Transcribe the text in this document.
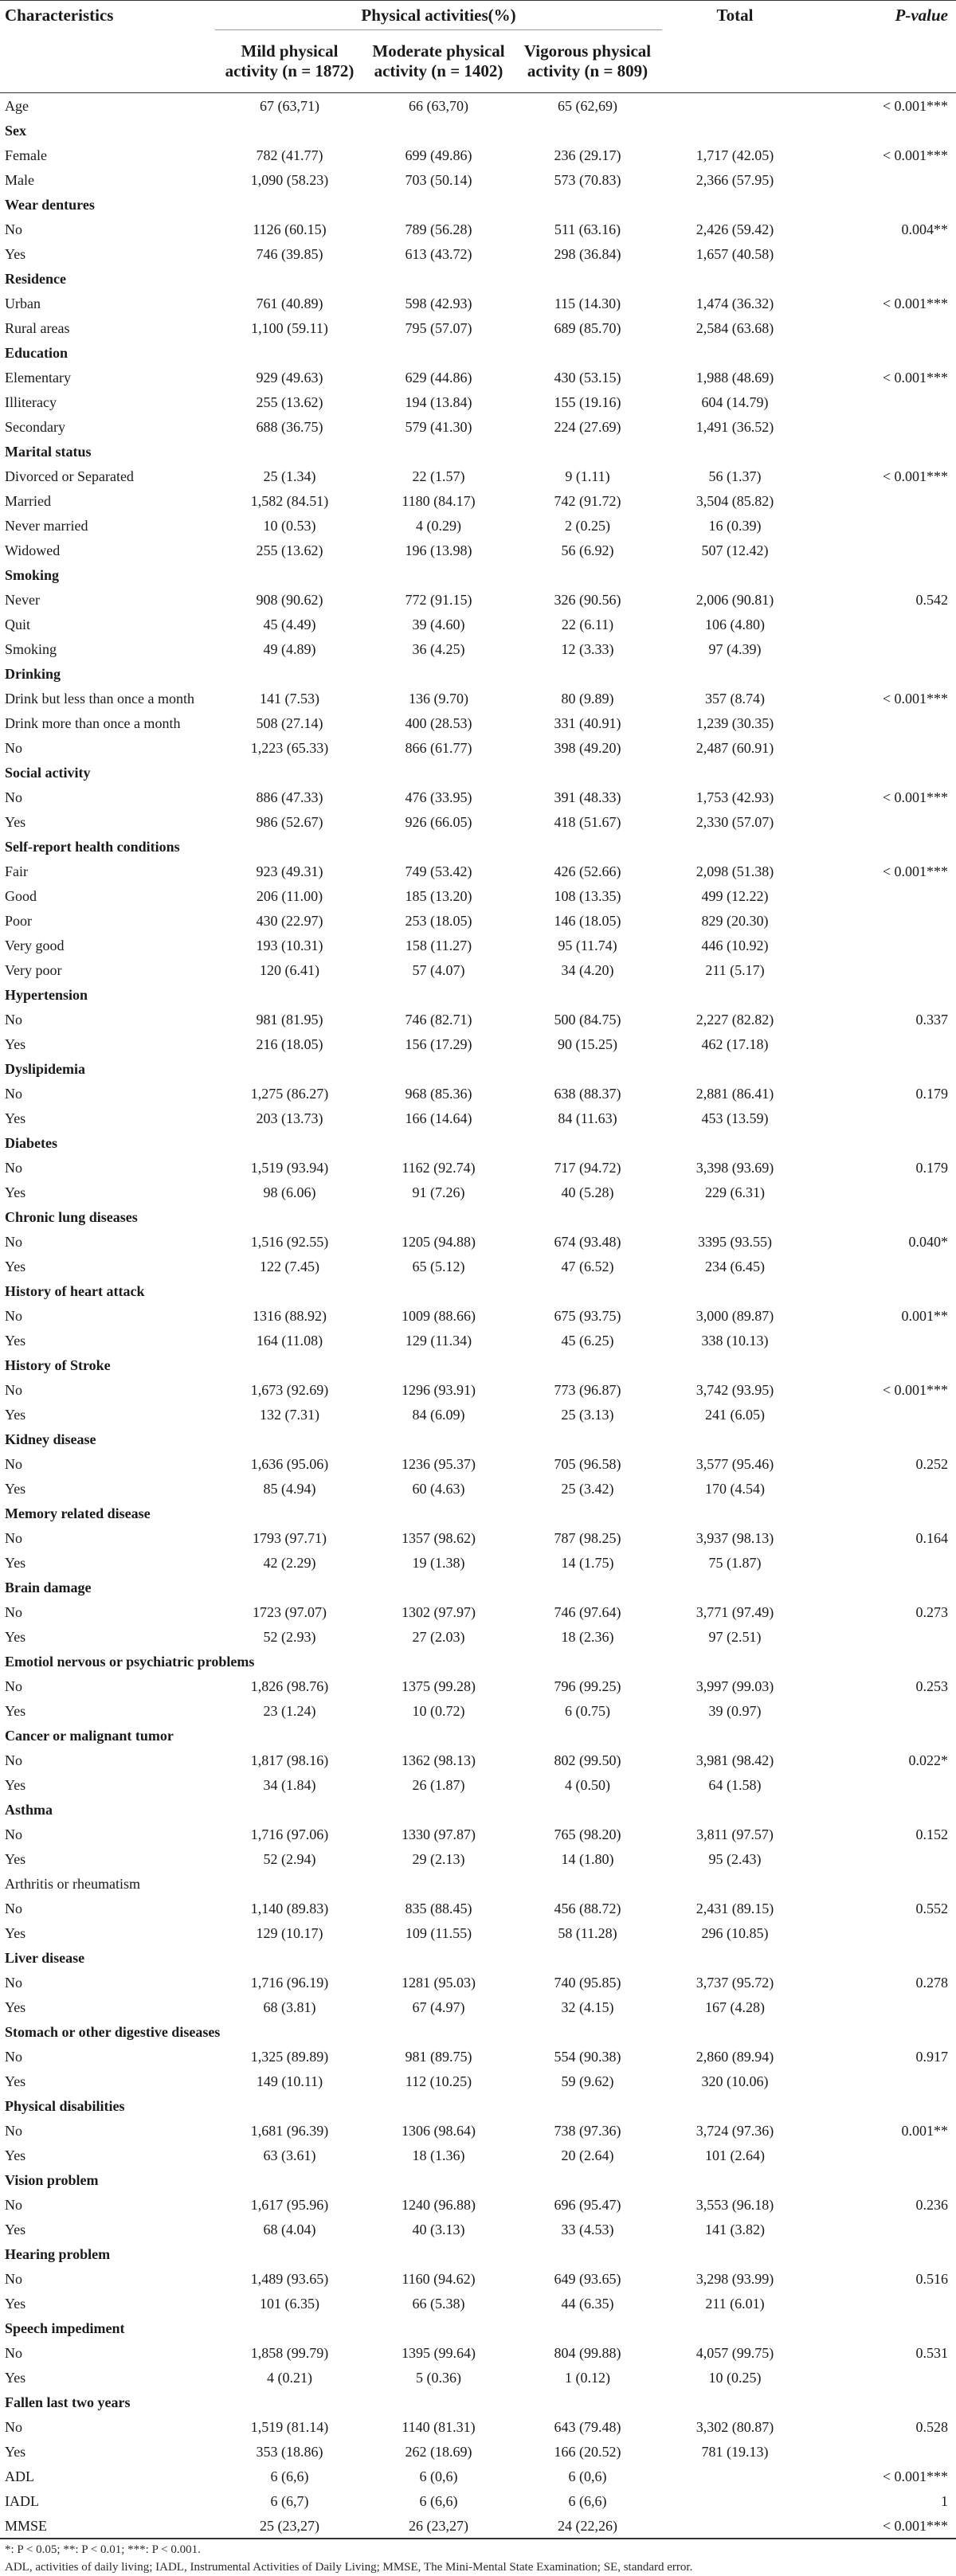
Characteristics	Physical activities(%)			Total	P-value
	Mild physical activity (n = 1872)	Moderate physical activity (n = 1402)	Vigorous physical activity (n = 809)		
Age	67 (63,71)	66 (63,70)	65 (62,69)		< 0.001***
Sex					
Female	782 (41.77)	699 (49.86)	236 (29.17)	1,717 (42.05)	< 0.001***
Male	1,090 (58.23)	703 (50.14)	573 (70.83)	2,366 (57.95)	
Wear dentures					
No	1126 (60.15)	789 (56.28)	511 (63.16)	2,426 (59.42)	0.004**
Yes	746 (39.85)	613 (43.72)	298 (36.84)	1,657 (40.58)	
Residence					
Urban	761 (40.89)	598 (42.93)	115 (14.30)	1,474 (36.32)	< 0.001***
Rural areas	1,100 (59.11)	795 (57.07)	689 (85.70)	2,584 (63.68)	
Education					
Elementary	929 (49.63)	629 (44.86)	430 (53.15)	1,988 (48.69)	< 0.001***
Illiteracy	255 (13.62)	194 (13.84)	155 (19.16)	604 (14.79)	
Secondary	688 (36.75)	579 (41.30)	224 (27.69)	1,491 (36.52)	
Marital status					
Divorced or Separated	25 (1.34)	22 (1.57)	9 (1.11)	56 (1.37)	< 0.001***
Married	1,582 (84.51)	1180 (84.17)	742 (91.72)	3,504 (85.82)	
Never married	10 (0.53)	4 (0.29)	2 (0.25)	16 (0.39)	
Widowed	255 (13.62)	196 (13.98)	56 (6.92)	507 (12.42)	
Smoking					
Never	908 (90.62)	772 (91.15)	326 (90.56)	2,006 (90.81)	0.542
Quit	45 (4.49)	39 (4.60)	22 (6.11)	106 (4.80)	
Smoking	49 (4.89)	36 (4.25)	12 (3.33)	97 (4.39)	
Drinking					
Drink but less than once a month	141 (7.53)	136 (9.70)	80 (9.89)	357 (8.74)	< 0.001***
Drink more than once a month	508 (27.14)	400 (28.53)	331 (40.91)	1,239 (30.35)	
No	1,223 (65.33)	866 (61.77)	398 (49.20)	2,487 (60.91)	
Social activity					
No	886 (47.33)	476 (33.95)	391 (48.33)	1,753 (42.93)	< 0.001***
Yes	986 (52.67)	926 (66.05)	418 (51.67)	2,330 (57.07)	
Self-report health conditions					
Fair	923 (49.31)	749 (53.42)	426 (52.66)	2,098 (51.38)	< 0.001***
Good	206 (11.00)	185 (13.20)	108 (13.35)	499 (12.22)	
Poor	430 (22.97)	253 (18.05)	146 (18.05)	829 (20.30)	
Very good	193 (10.31)	158 (11.27)	95 (11.74)	446 (10.92)	
Very poor	120 (6.41)	57 (4.07)	34 (4.20)	211 (5.17)	
Hypertension					
No	981 (81.95)	746 (82.71)	500 (84.75)	2,227 (82.82)	0.337
Yes	216 (18.05)	156 (17.29)	90 (15.25)	462 (17.18)	
Dyslipidemia					
No	1,275 (86.27)	968 (85.36)	638 (88.37)	2,881 (86.41)	0.179
Yes	203 (13.73)	166 (14.64)	84 (11.63)	453 (13.59)	
Diabetes					
No	1,519 (93.94)	1162 (92.74)	717 (94.72)	3,398 (93.69)	0.179
Yes	98 (6.06)	91 (7.26)	40 (5.28)	229 (6.31)	
Chronic lung diseases					
No	1,516 (92.55)	1205 (94.88)	674 (93.48)	3395 (93.55)	0.040*
Yes	122 (7.45)	65 (5.12)	47 (6.52)	234 (6.45)	
History of heart attack					
No	1316 (88.92)	1009 (88.66)	675 (93.75)	3,000 (89.87)	0.001**
Yes	164 (11.08)	129 (11.34)	45 (6.25)	338 (10.13)	
History of Stroke					
No	1,673 (92.69)	1296 (93.91)	773 (96.87)	3,742 (93.95)	< 0.001***
Yes	132 (7.31)	84 (6.09)	25 (3.13)	241 (6.05)	
Kidney disease					
No	1,636 (95.06)	1236 (95.37)	705 (96.58)	3,577 (95.46)	0.252
Yes	85 (4.94)	60 (4.63)	25 (3.42)	170 (4.54)	
Memory related disease					
No	1793 (97.71)	1357 (98.62)	787 (98.25)	3,937 (98.13)	0.164
Yes	42 (2.29)	19 (1.38)	14 (1.75)	75 (1.87)	
Brain damage					
No	1723 (97.07)	1302 (97.97)	746 (97.64)	3,771 (97.49)	0.273
Yes	52 (2.93)	27 (2.03)	18 (2.36)	97 (2.51)	
Emotiol nervous or psychiatric problems					
No	1,826 (98.76)	1375 (99.28)	796 (99.25)	3,997 (99.03)	0.253
Yes	23 (1.24)	10 (0.72)	6 (0.75)	39 (0.97)	
Cancer or malignant tumor					
No	1,817 (98.16)	1362 (98.13)	802 (99.50)	3,981 (98.42)	0.022*
Yes	34 (1.84)	26 (1.87)	4 (0.50)	64 (1.58)	
Asthma					
No	1,716 (97.06)	1330 (97.87)	765 (98.20)	3,811 (97.57)	0.152
Yes	52 (2.94)	29 (2.13)	14 (1.80)	95 (2.43)	
Arthritis or rheumatism					
No	1,140 (89.83)	835 (88.45)	456 (88.72)	2,431 (89.15)	0.552
Yes	129 (10.17)	109 (11.55)	58 (11.28)	296 (10.85)	
Liver disease					
No	1,716 (96.19)	1281 (95.03)	740 (95.85)	3,737 (95.72)	0.278
Yes	68 (3.81)	67 (4.97)	32 (4.15)	167 (4.28)	
Stomach or other digestive diseases					
No	1,325 (89.89)	981 (89.75)	554 (90.38)	2,860 (89.94)	0.917
Yes	149 (10.11)	112 (10.25)	59 (9.62)	320 (10.06)	
Physical disabilities					
No	1,681 (96.39)	1306 (98.64)	738 (97.36)	3,724 (97.36)	0.001**
Yes	63 (3.61)	18 (1.36)	20 (2.64)	101 (2.64)	
Vision problem					
No	1,617 (95.96)	1240 (96.88)	696 (95.47)	3,553 (96.18)	0.236
Yes	68 (4.04)	40 (3.13)	33 (4.53)	141 (3.82)	
Hearing problem					
No	1,489 (93.65)	1160 (94.62)	649 (93.65)	3,298 (93.99)	0.516
Yes	101 (6.35)	66 (5.38)	44 (6.35)	211 (6.01)	
Speech impediment					
No	1,858 (99.79)	1395 (99.64)	804 (99.88)	4,057 (99.75)	0.531
Yes	4 (0.21)	5 (0.36)	1 (0.12)	10 (0.25)	
Fallen last two years					
No	1,519 (81.14)	1140 (81.31)	643 (79.48)	3,302 (80.87)	0.528
Yes	353 (18.86)	262 (18.69)	166 (20.52)	781 (19.13)	
ADL	6 (6,6)	6 (0,6)	6 (0,6)		< 0.001***
IADL	6 (6,7)	6 (6,6)	6 (6,6)		1
MMSE	25 (23,27)	26 (23,27)	24 (22,26)		< 0.001***

*: P < 0.05; **: P < 0.01; ***: P < 0.001.

ADL, activities of daily living; IADL, Instrumental Activities of Daily Living; MMSE, The Mini-Mental State Examination; SE, standard error.
